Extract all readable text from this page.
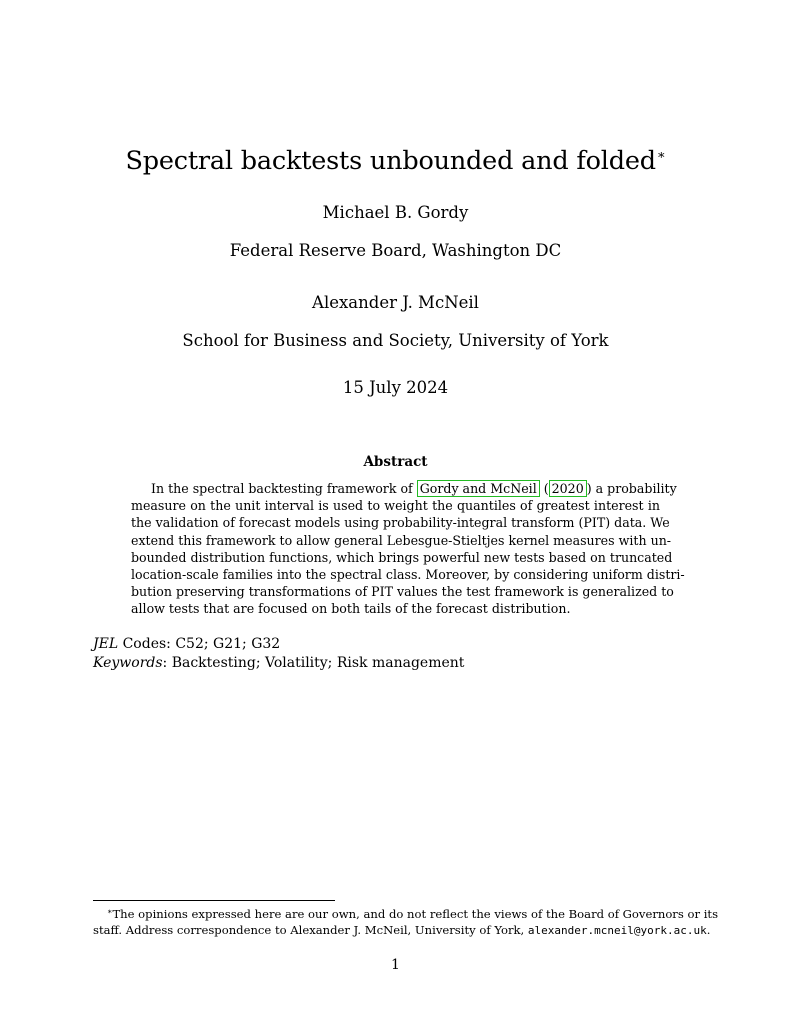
Spectral backtests unbounded and folded∗
Michael B. Gordy
Federal Reserve Board, Washington DC
Alexander J. McNeil
School for Business and Society, University of York
15 July 2024
Abstract
In the spectral backtesting framework of Gordy and McNeil ( 2020 ) a probability
measure on the unit interval is used to weight the quantiles of greatest interest in
the validation of forecast models using probability-integral transform (PIT) data. We
extend this framework to allow general Lebesgue-Stieltjes kernel measures with un-
bounded distribution functions, which brings powerful new tests based on truncated
location-scale families into the spectral class. Moreover, by considering uniform distri-
bution preserving transformations of PIT values the test framework is generalized to
allow tests that are focused on both tails of the forecast distribution.
JEL Codes: C52; G21; G32
Keywords: Backtesting; Volatility; Risk management
∗The opinions expressed here are our own, and do not reflect the views of the Board of Governors or its
staff. Address correspondence to Alexander J. McNeil, University of York, alexander.mcneil@york.ac.uk.
1
